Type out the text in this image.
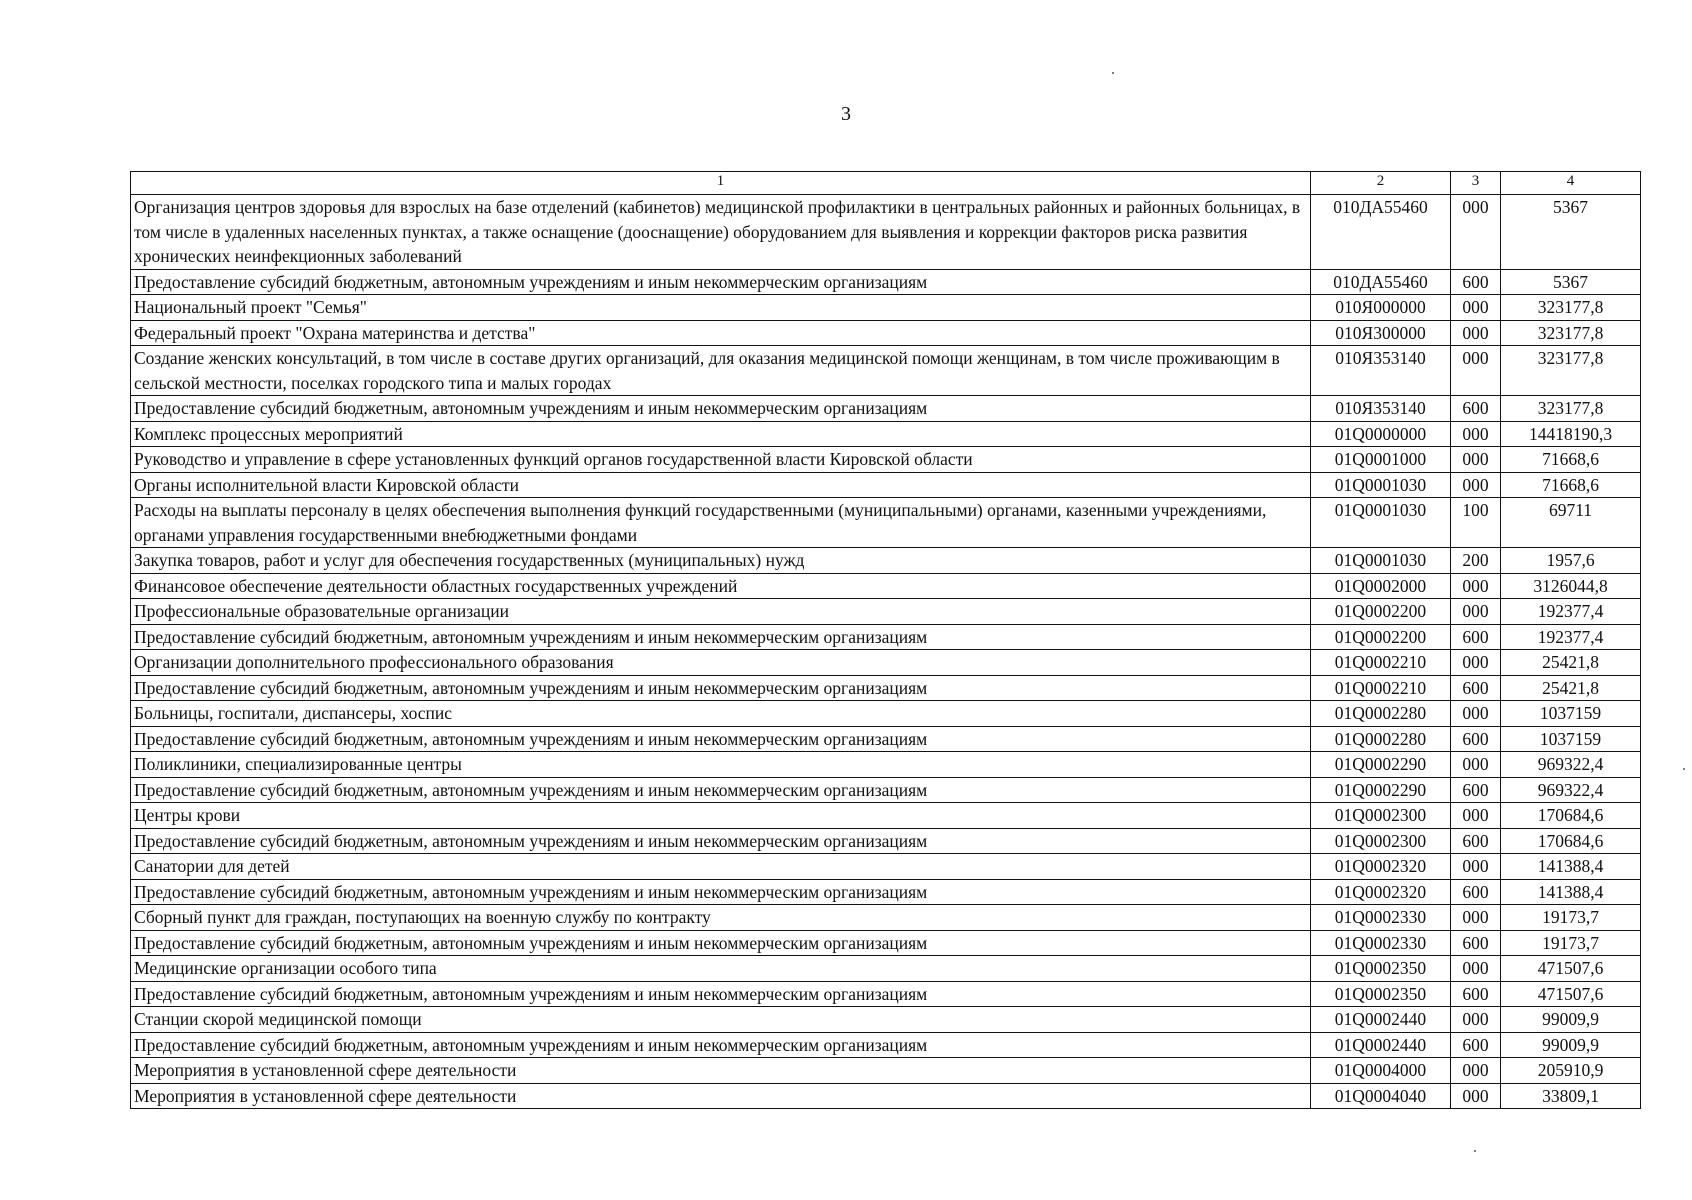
3
1	2	3	4
Организация центров здоровья для взрослых на базе отделений (кабинетов) медицинской профилактики в центральных районных и районных больницах, в том числе в удаленных населенных пунктах, а также оснащение (дооснащение) оборудованием для выявления и коррекции факторов риска развития хронических неинфекционных заболеваний	010ДА55460	000	5367
Предоставление субсидий бюджетным, автономным учреждениям и иным некоммерческим организациям	010ДА55460	600	5367
Национальный проект "Семья"	010Я000000	000	323177,8
Федеральный проект "Охрана материнства и детства"	010Я300000	000	323177,8
Создание женских консультаций, в том числе в составе других организаций, для оказания медицинской помощи женщинам, в том числе проживающим в сельской местности, поселках городского типа и малых городах	010Я353140	000	323177,8
Предоставление субсидий бюджетным, автономным учреждениям и иным некоммерческим организациям	010Я353140	600	323177,8
Комплекс процессных мероприятий	01Q0000000	000	14418190,3
Руководство и управление в сфере установленных функций органов государственной власти Кировской области	01Q0001000	000	71668,6
Органы исполнительной власти Кировской области	01Q0001030	000	71668,6
Расходы на выплаты персоналу в целях обеспечения выполнения функций государственными (муниципальными) органами, казенными учреждениями, органами управления государственными внебюджетными фондами	01Q0001030	100	69711
Закупка товаров, работ и услуг для обеспечения государственных (муниципальных) нужд	01Q0001030	200	1957,6
Финансовое обеспечение деятельности областных государственных учреждений	01Q0002000	000	3126044,8
Профессиональные образовательные организации	01Q0002200	000	192377,4
Предоставление субсидий бюджетным, автономным учреждениям и иным некоммерческим организациям	01Q0002200	600	192377,4
Организации дополнительного профессионального образования	01Q0002210	000	25421,8
Предоставление субсидий бюджетным, автономным учреждениям и иным некоммерческим организациям	01Q0002210	600	25421,8
Больницы, госпитали, диспансеры, хоспис	01Q0002280	000	1037159
Предоставление субсидий бюджетным, автономным учреждениям и иным некоммерческим организациям	01Q0002280	600	1037159
Поликлиники, специализированные центры	01Q0002290	000	969322,4
Предоставление субсидий бюджетным, автономным учреждениям и иным некоммерческим организациям	01Q0002290	600	969322,4
Центры крови	01Q0002300	000	170684,6
Предоставление субсидий бюджетным, автономным учреждениям и иным некоммерческим организациям	01Q0002300	600	170684,6
Санатории для детей	01Q0002320	000	141388,4
Предоставление субсидий бюджетным, автономным учреждениям и иным некоммерческим организациям	01Q0002320	600	141388,4
Сборный пункт для граждан, поступающих на военную службу по контракту	01Q0002330	000	19173,7
Предоставление субсидий бюджетным, автономным учреждениям и иным некоммерческим организациям	01Q0002330	600	19173,7
Медицинские организации особого типа	01Q0002350	000	471507,6
Предоставление субсидий бюджетным, автономным учреждениям и иным некоммерческим организациям	01Q0002350	600	471507,6
Станции скорой медицинской помощи	01Q0002440	000	99009,9
Предоставление субсидий бюджетным, автономным учреждениям и иным некоммерческим организациям	01Q0002440	600	99009,9
Мероприятия в установленной сфере деятельности	01Q0004000	000	205910,9
Мероприятия в установленной сфере деятельности	01Q0004040	000	33809,1
